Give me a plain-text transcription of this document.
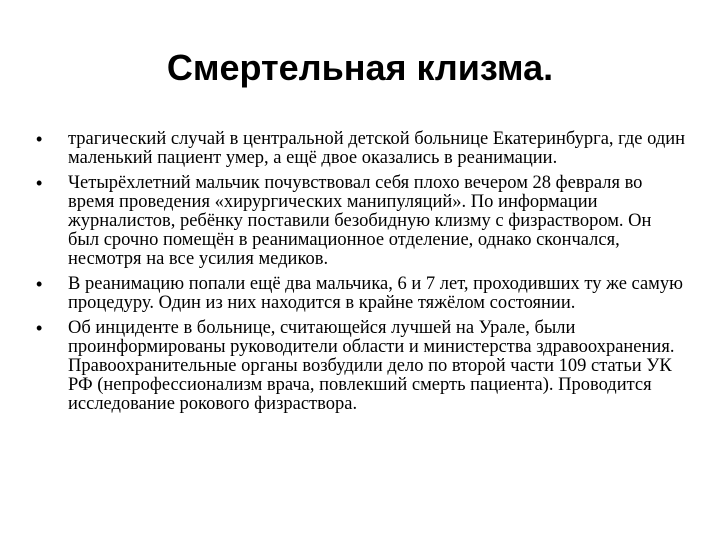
Смертельная клизма.
• трагический случай в центральной детской больнице Екатеринбурга, где один маленький пациент умер, а ещё двое оказались в реанимации.
• Четырёхлетний мальчик почувствовал себя плохо вечером 28 февраля во время проведения «хирургических манипуляций». По информации журналистов, ребёнку поставили безобидную клизму с физраствором. Он был срочно помещён в реанимационное отделение, однако скончался, несмотря на все усилия медиков.
• В реанимацию попали ещё два мальчика, 6 и 7 лет, проходивших ту же самую процедуру. Один из них находится в крайне тяжёлом состоянии.
• Об инциденте в больнице, считающейся лучшей на Урале, были проинформированы руководители области и министерства здравоохранения. Правоохранительные органы возбудили дело по второй части 109 статьи УК РФ (непрофессионализм врача, повлекший смерть пациента). Проводится исследование рокового физраствора.
